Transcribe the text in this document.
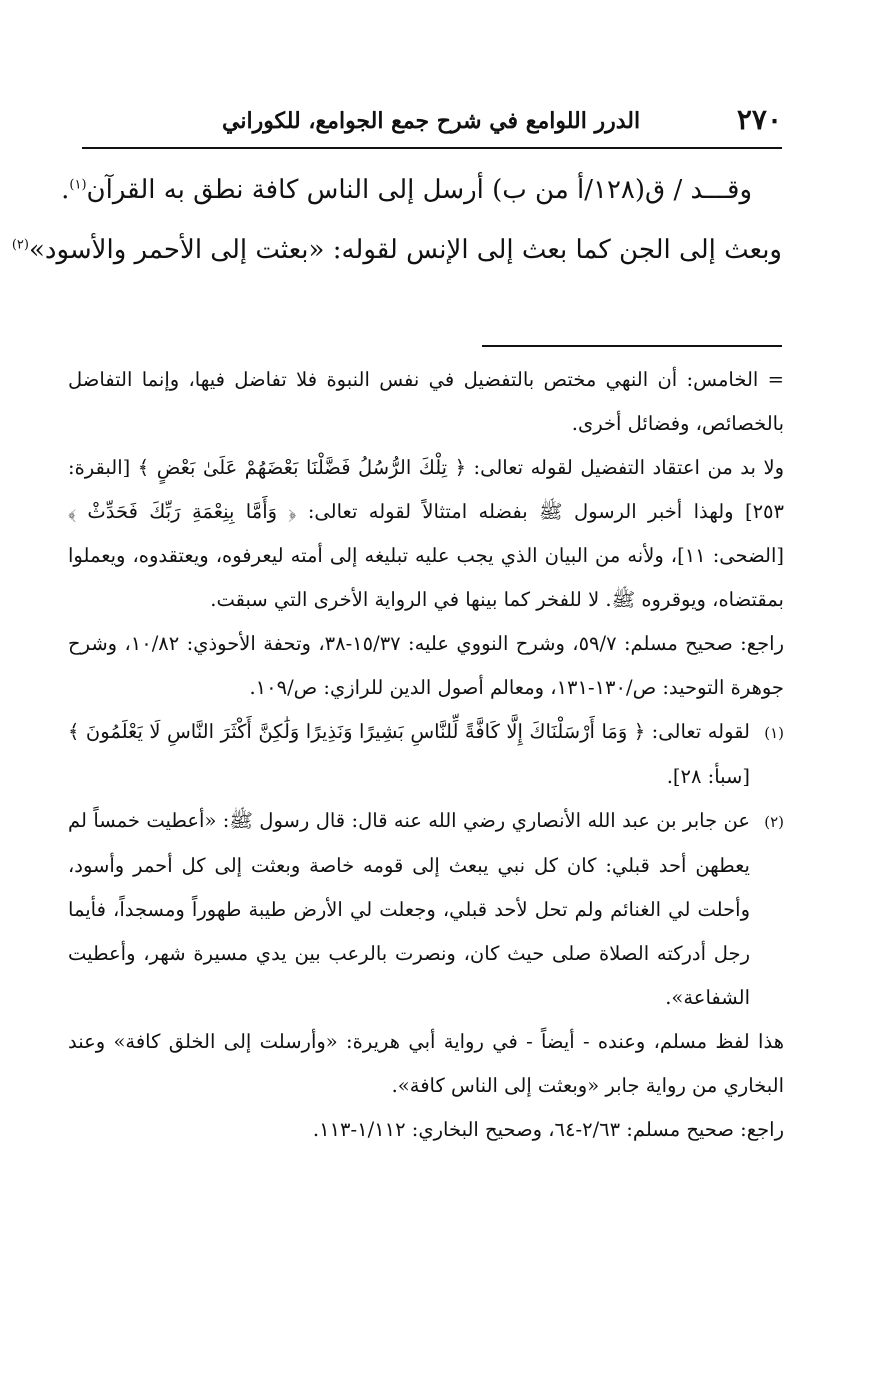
٢٧٠
الدرر اللوامع في شرح جمع الجوامع، للكوراني

وقـــد / ق(١٢٨/أ من ب) أرسل إلى الناس كافة نطق به القرآن$^{(١)}$.

وبعث إلى الجن كما بعث إلى الإنس لقوله: «بعثت إلى الأحمر والأسود»$^{(٢)}$

= الخامس: أن النهي مختص بالتفضيل في نفس النبوة فلا تفاضل فيها، وإنما التفاضل بالخصائص، وفضائل أخرى.

ولا بد من اعتقاد التفضيل لقوله تعالى: ﴿ تِلْكَ الرُّسُلُ فَضَّلْنَا بَعْضَهُمْ عَلَىٰ بَعْضٍ ﴾ [البقرة: ٢٥٣] ولهذا أخبر الرسول ﷺ بفضله امتثالاً لقوله تعالى: ﴿ وَأَمَّا بِنِعْمَةِ رَبِّكَ فَحَدِّثْ ﴾ [الضحى: ١١]، ولأنه من البيان الذي يجب عليه تبليغه إلى أمته ليعرفوه، ويعتقدوه، ويعملوا بمقتضاه، ويوقروه ﷺ. لا للفخر كما بينها في الرواية الأخرى التي سبقت.

راجع: صحيح مسلم: ٥٩/٧، وشرح النووي عليه: ١٥/٣٧-٣٨، وتحفة الأحوذي: ١٠/٨٢، وشرح جوهرة التوحيد: ص/١٣٠-١٣١، ومعالم أصول الدين للرازي: ص/١٠٩.

(١)لقوله تعالى: ﴿ وَمَا أَرْسَلْنَاكَ إِلَّا كَافَّةً لِّلنَّاسِ بَشِيرًا وَنَذِيرًا وَلَٰكِنَّ أَكْثَرَ النَّاسِ لَا يَعْلَمُونَ ﴾ [سبأ: ٢٨].

(٢)عن جابر بن عبد الله الأنصاري رضي الله عنه قال: قال رسول ﷺ: «أعطيت خمساً لم يعطهن أحد قبلي: كان كل نبي يبعث إلى قومه خاصة وبعثت إلى كل أحمر وأسود، وأحلت لي الغنائم ولم تحل لأحد قبلي، وجعلت لي الأرض طيبة طهوراً ومسجداً، فأيما رجل أدركته الصلاة صلى حيث كان، ونصرت بالرعب بين يدي مسيرة شهر، وأعطيت الشفاعة».

هذا لفظ مسلم، وعنده - أيضاً - في رواية أبي هريرة: «وأرسلت إلى الخلق كافة» وعند البخاري من رواية جابر «وبعثت إلى الناس كافة».

راجع: صحيح مسلم: ٢/٦٣-٦٤، وصحيح البخاري: ١/١١٢-١١٣.
